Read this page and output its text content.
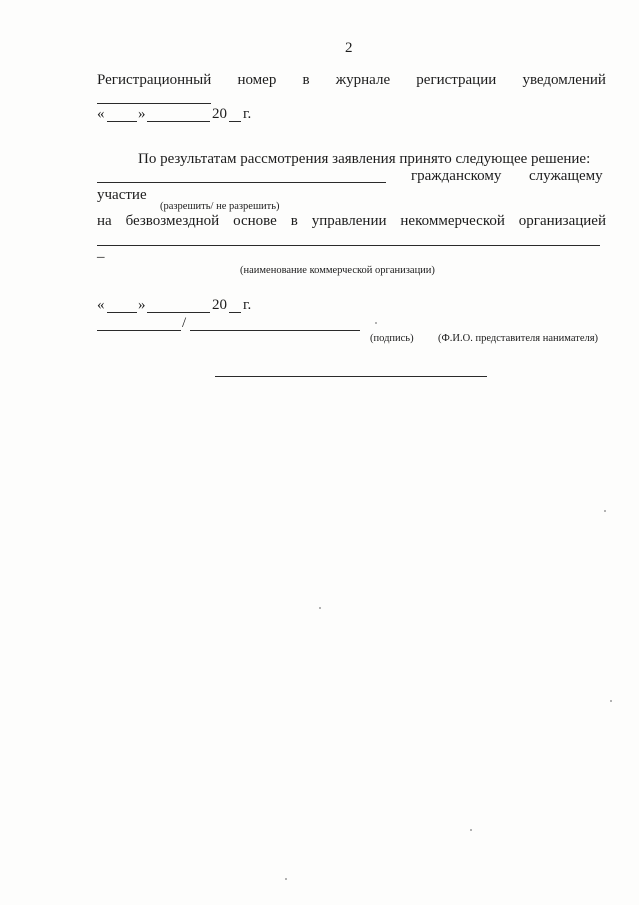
2
Регистрационный номер в журнале регистрации уведомлений
« »	20 г.
По результатам рассмотрения заявления принято следующее решение:
гражданскому служащему
участие
(разрешить/ не разрешить)
на безвозмездной основе в управлении некоммерческой организацией
–
(наименование коммерческой организации)
« »	20 г.
/
(подпись) (Ф.И.О. представителя нанимателя)
